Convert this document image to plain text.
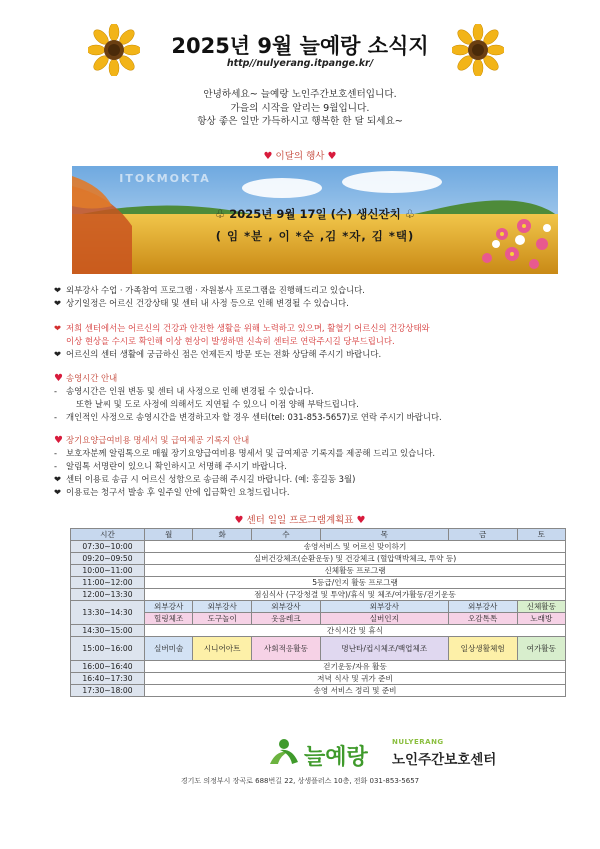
2025년 9월 늘예랑 소식지
http//nulyerang.itpange.kr/
안녕하세요~ 늘예랑 노인주간보호센터입니다.
가을의 시작을 알리는 9월입니다.
항상 좋은 일만 가득하시고 행복한 한 달 되세요~
♥ 이달의 행사 ♥
ITOKMOKTA
♧ 2025년 9월 17일 (수) 생신잔치 ♧
( 임 *분 , 이 *순 ,김 *자, 김 *택)
❤ 외부강사 수업 · 가족참여 프로그램 · 자원봉사 프로그램을 진행해드리고 있습니다.
❤ 상기일정은 어르신 건강상태 및 센터 내 사정 등으로 인해 변경될 수 있습니다.
❤ 저희 센터에서는 어르신의 건강과 안전한 생활을 위해 노력하고 있으며, 활혈기 어르신의 건강상태와
이상 현상을 수시로 확인해 이상 현상이 발생하면 신속히 센터로 연락주시길 당부드립니다.
❤ 어르신의 센터 생활에 궁금하신 점은 언제든지 방문 또는 전화 상담해 주시기 바랍니다.
♥ 송영시간 안내
- 송영시간은 인원 변동 및 센터 내 사정으로 인해 변경될 수 있습니다.
또한 날씨 및 도로 사정에 의해서도 지연될 수 있으니 이점 양해 부탁드립니다.
- 개인적인 사정으로 송영시간을 변경하고자 할 경우 센터(tel: 031-853-5657)로 연락 주시기 바랍니다.
♥ 장기요양급여비용 명세서 및 급여제공 기록지 안내
- 보호자분께 알림톡으로 매월 장기요양급여비용 명세서 및 급여제공 기록지를 제공해 드리고 있습니다.
- 알림톡 서명란이 있으니 확인하시고 서명해 주시기 바랍니다.
❤ 센터 이용료 송금 시 어르신 성함으로 송금해 주시길 바랍니다. (예: 홍길동 3월)
❤ 이용료는 청구서 발송 후 일주일 안에 입금확인 요청드립니다.
♥ 센터 일일 프로그램계획표 ♥
시간	월	화	수	목	금	토
07:30~10:00	송영서비스 및 어르신 맞이하기					
09:20~09:50	실버건강체조(순환운동) 및 건강체크 (혈압맥박체크, 투약 등)					
10:00~11:00	신체활동 프로그램					
11:00~12:00	5등급/인지 활동 프로그램					
12:00~13:30	점심식사 (구강청결 및 투약)/휴식 및 체조/여가활동/걷기운동					
13:30~14:30	외부강사	외부강사	외부강사	외부강사	외부강사	신체활동
	힐링체조	도구놀이	웃음레크	실버인지	오감톡톡	노래방
14:30~15:00	간식시간 및 휴식					
15:00~16:00	실버미술	시니어아트	사회적응활동	명난타/컵시체조/백업체조	일상생활체험	여가활동
16:00~16:40	걷기운동/자유 활동					
16:40~17:30	저녁 식사 및 귀가 준비					
17:30~18:00	송영 서비스 정리 및 준비					
늘예랑
NULYERANG
노인주간보호센터
경기도 의정부시 장곡로 688번길 22, 상생플러스 10층, 전화 031-853-5657
